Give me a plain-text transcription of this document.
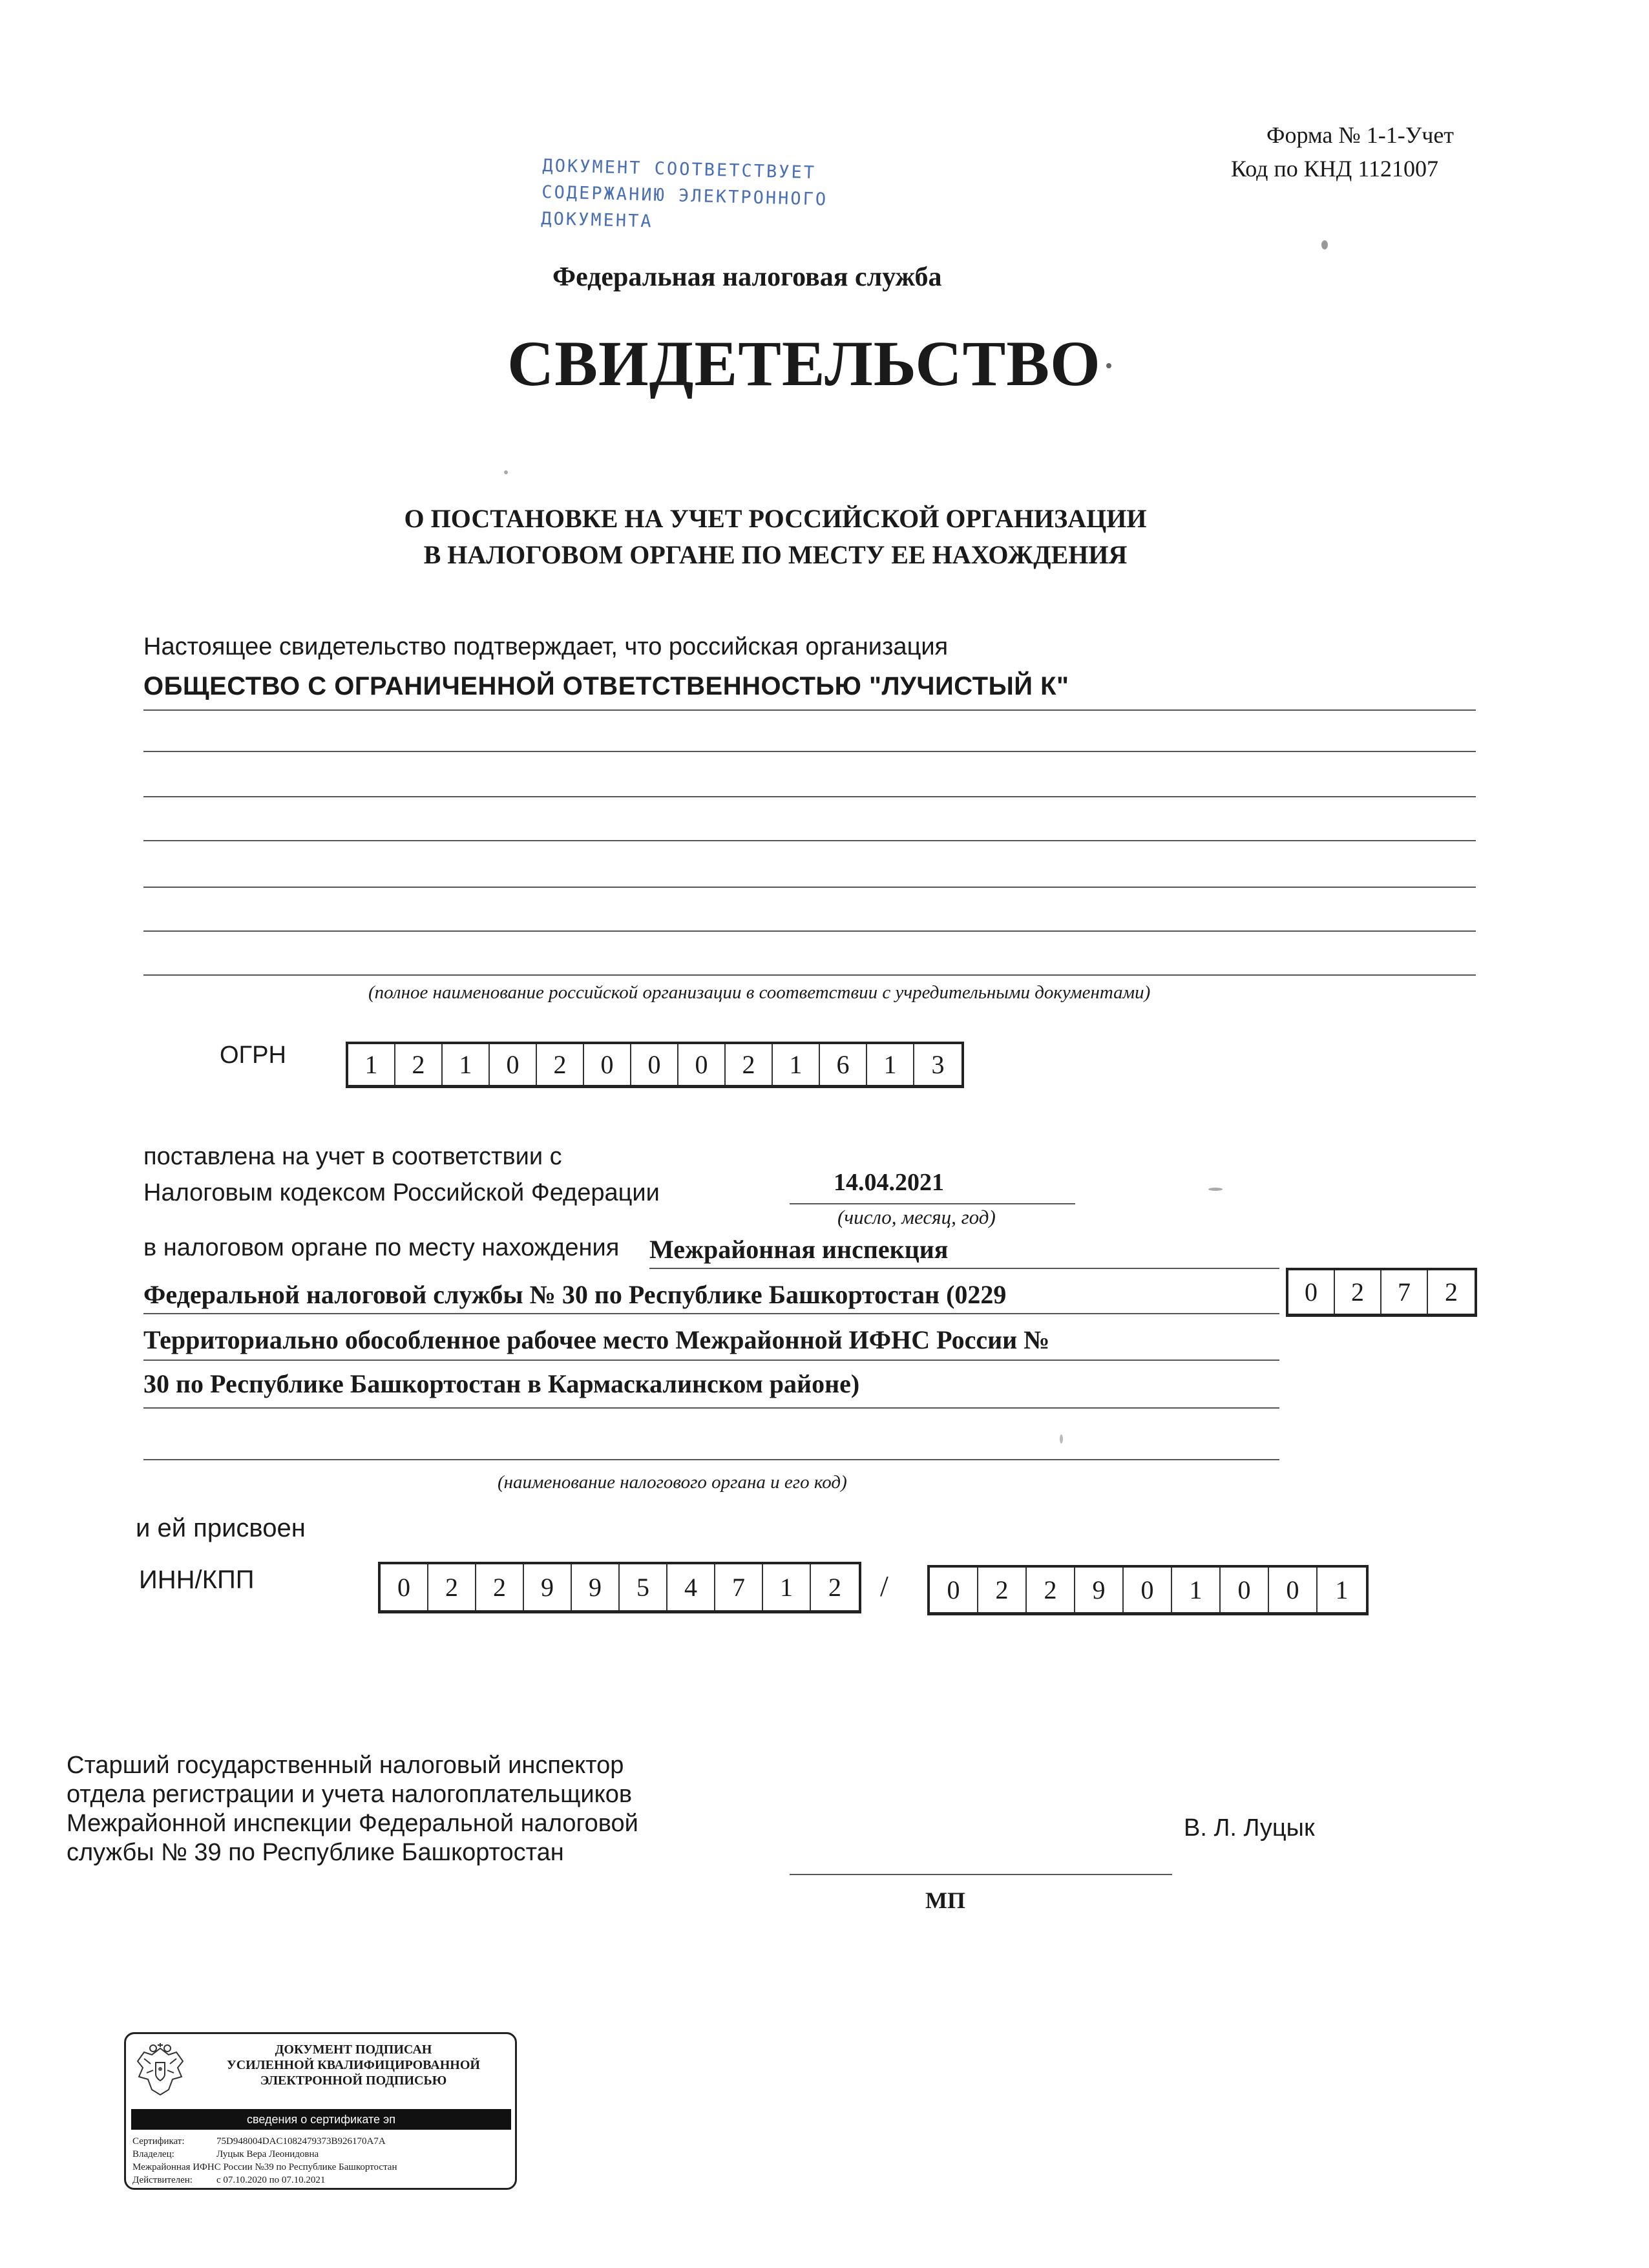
Форма № 1-1-Учет
Код по КНД 1121007
ДОКУМЕНТ СООТВЕТСТВУЕТ
СОДЕРЖАНИЮ ЭЛЕКТРОННОГО
ДОКУМЕНТА
Федеральная налоговая служба
СВИДЕТЕЛЬСТВО
О ПОСТАНОВКЕ НА УЧЕТ РОССИЙСКОЙ ОРГАНИЗАЦИИ
В НАЛОГОВОМ ОРГАНЕ ПО МЕСТУ ЕЕ НАХОЖДЕНИЯ
Настоящее свидетельство подтверждает, что российская организация
ОБЩЕСТВО С ОГРАНИЧЕННОЙ ОТВЕТСТВЕННОСТЬЮ "ЛУЧИСТЫЙ К"
(полное наименование российской организации в соответствии с учредительными документами)
ОГРН	1	2	1	0	2	0	0	0	2	1	6	1	3
поставлена на учет в соответствии с
Налоговым кодексом Российской Федерации	14.04.2021
(число, месяц, год)
в налоговом органе по месту нахождения Межрайонная инспекция
Федеральной налоговой службы № 30 по Республике Башкортостан (0229
Территориально обособленное рабочее место Межрайонной ИФНС России №
30 по Республике Башкортостан в Кармаскалинском районе)
0	2	7	2
(наименование налогового органа и его код)
и ей присвоен
ИНН/КПП	0	2	2	9	9	5	4	7	1	2	/	0	2	2	9	0	1	0	0	1
Старший государственный налоговый инспектор
отдела регистрации и учета налогоплательщиков
Межрайонной инспекции Федеральной налоговой
службы № 39 по Республике Башкортостан
В. Л. Луцык
МП
ДОКУМЕНТ ПОДПИСАН
УСИЛЕННОЙ КВАЛИФИЦИРОВАННОЙ
ЭЛЕКТРОННОЙ ПОДПИСЬЮ
сведения о сертификате эп
Сертификат:	75D948004DAC1082479373B926170A7A
Владелец:	Луцык Вера Леонидовна
Межрайонная ИФНС России №39 по Республике Башкортостан
Действителен: с 07.10.2020 по 07.10.2021
